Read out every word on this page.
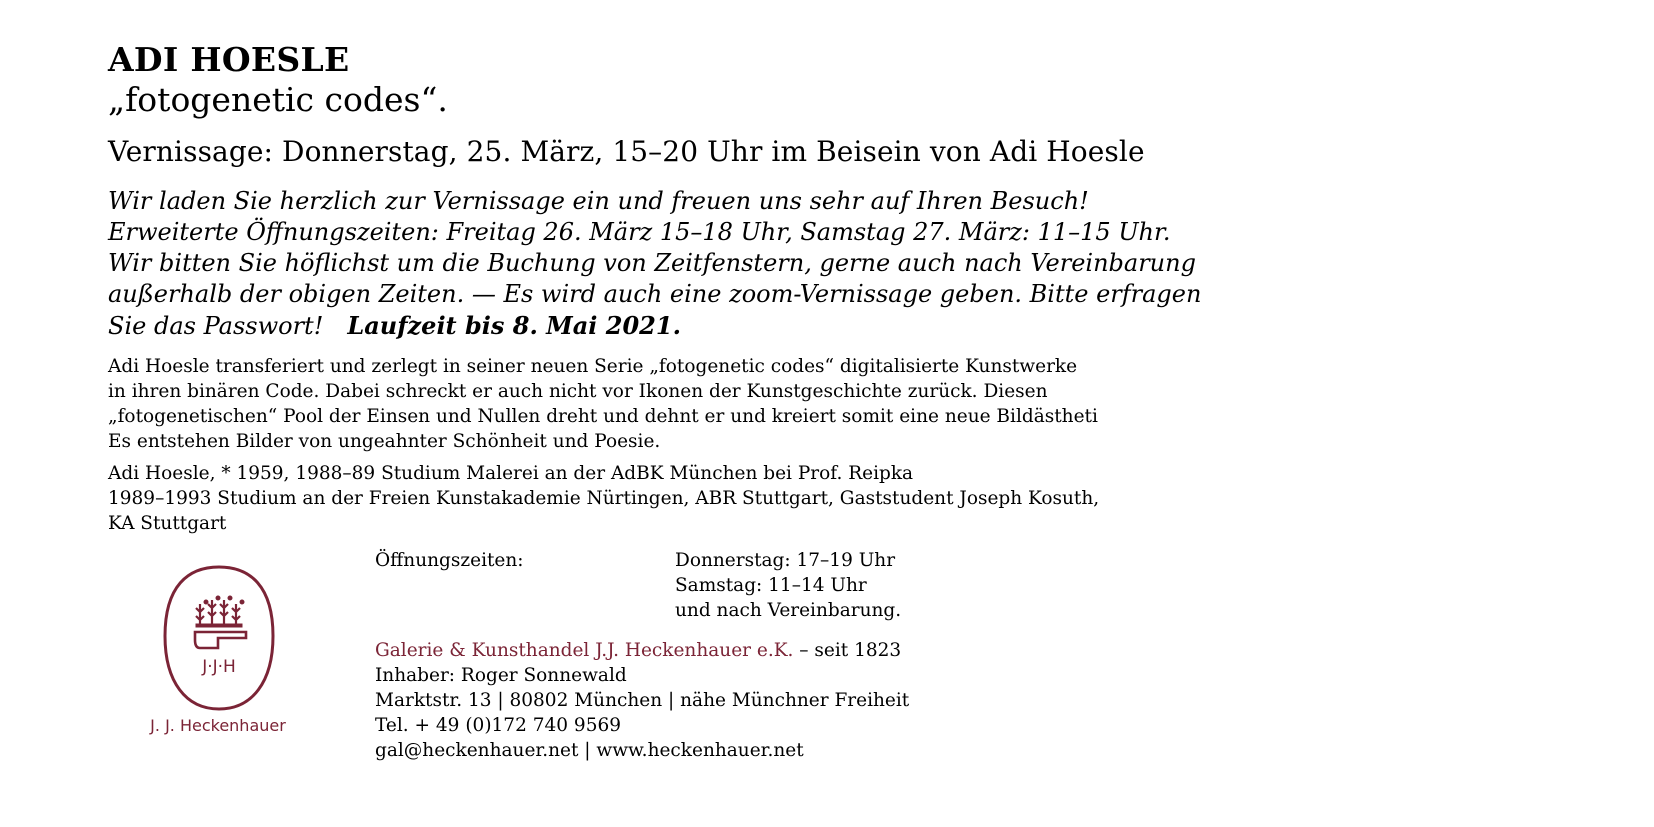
ADI HOESLE
„fotogenetic codes“.
Vernissage: Donnerstag, 25. März, 15–20 Uhr im Beisein von Adi Hoesle
Wir laden Sie herzlich zur Vernissage ein und freuen uns sehr auf Ihren Besuch!
Erweiterte Öffnungszeiten: Freitag 26. März 15–18 Uhr, Samstag 27. März: 11–15 Uhr.
Wir bitten Sie höflichst um die Buchung von Zeitfenstern, gerne auch nach Vereinbarung
außerhalb der obigen Zeiten. — Es wird auch eine zoom-Vernissage geben. Bitte erfragen
Sie das Passwort! Laufzeit bis 8. Mai 2021.
Adi Hoesle transferiert und zerlegt in seiner neuen Serie „fotogenetic codes“ digitalisierte Kunstwerke
in ihren binären Code. Dabei schreckt er auch nicht vor Ikonen der Kunstgeschichte zurück. Diesen
„fotogenetischen“ Pool der Einsen und Nullen dreht und dehnt er und kreiert somit eine neue Bildästheti
Es entstehen Bilder von ungeahnter Schönheit und Poesie.
Adi Hoesle, * 1959, 1988–89 Studium Malerei an der AdBK München bei Prof. Reipka
1989–1993 Studium an der Freien Kunstakademie Nürtingen, ABR Stuttgart, Gaststudent Joseph Kosuth,
KA Stuttgart
J·J·H
J. J. Heckenhauer
Öffnungszeiten:	Donnerstag: 17–19 Uhr
Samstag: 11–14 Uhr
und nach Vereinbarung.
Galerie & Kunsthandel J.J. Heckenhauer e.K. – seit 1823
Inhaber: Roger Sonnewald
Marktstr. 13 | 80802 München | nähe Münchner Freiheit
Tel. + 49 (0)172 740 9569
gal@heckenhauer.net | www.heckenhauer.net
